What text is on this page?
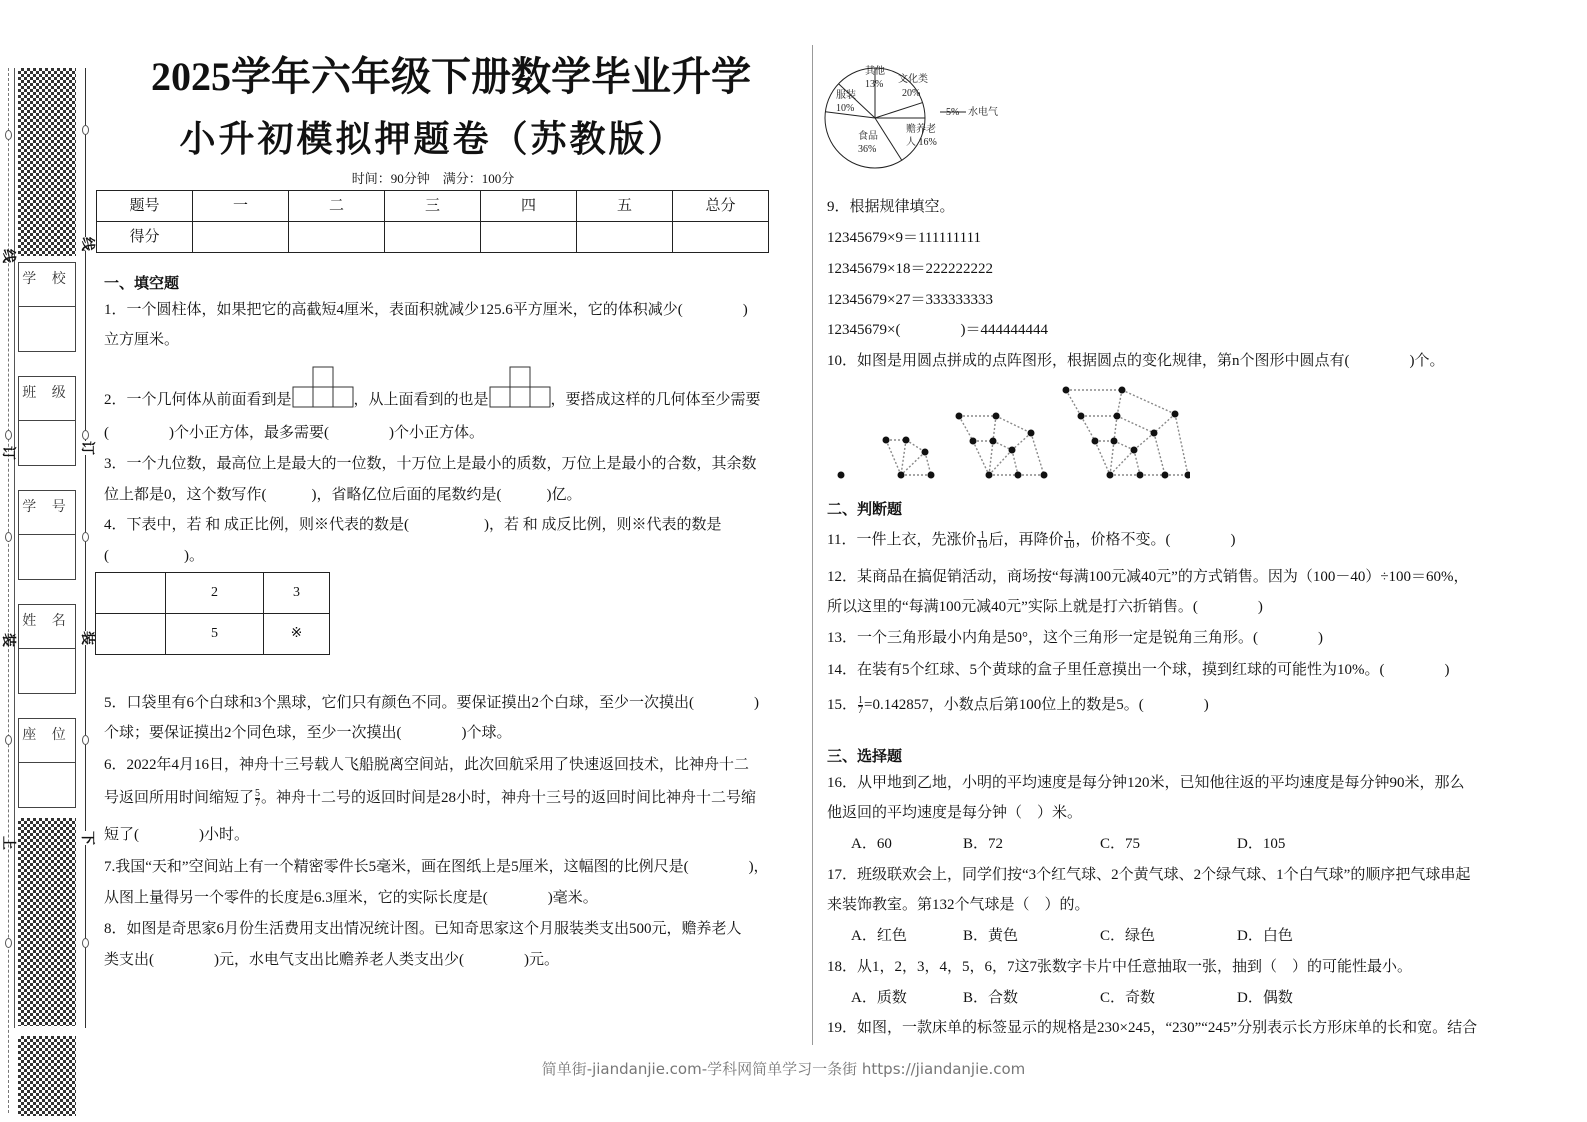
学 校
班 级
学 号
姓 名
座 位
线
线
订	订
装	装
上	下
2025学年六年级下册数学毕业升学
小升初模拟押题卷（苏教版）
时间：90分钟　满分：100分
题号	一	二	三	四	五	总分
得分						
一、填空题
1．一个圆柱体，如果把它的高截短4厘米，表面积就减少125.6平方厘米，它的体积减少(　　　　)
立方厘米。
2．一个几何体从前面看到是	，从上面看到的也是	，要搭成这样的几何体至少需要
(　　　　)个小正方体，最多需要(　　　　)个小正方体。
3．一个九位数，最高位上是最大的一位数，十万位上是最小的质数，万位上是最小的合数，其余数
位上都是0，这个数写作(　　　)，省略亿位后面的尾数约是(　　　)亿。
4．下表中，若 和 成正比例，则※代表的数是(　　　　　)，若 和 成反比例，则※代表的数是
(　　　　　)。
	2	3
	5	※
5．口袋里有6个白球和3个黑球，它们只有颜色不同。要保证摸出2个白球，至少一次摸出(　　　　)
个球；要保证摸出2个同色球，至少一次摸出(　　　　)个球。
6．2022年4月16日，神舟十三号载人飞船脱离空间站，此次回航采用了快速返回技术，比神舟十二
号返回所用时间缩短了 $\frac{5}{7}$ 。神舟十二号的返回时间是28小时，神舟十三号的返回时间比神舟十二号缩
短了(　　　　)小时。
7.我国“天和”空间站上有一个精密零件长5毫米，画在图纸上是5厘米，这幅图的比例尺是(　　　　)，
从图上量得另一个零件的长度是6.3厘米，它的实际长度是(　　　　)毫米。
8．如图是奇思家6月份生活费用支出情况统计图。已知奇思家这个月服装类支出500元，赡养老人
类支出(　　　　)元，水电气支出比赡养老人类支出少(　　　　)元。
文化类
20%
其他
13%
服装
10%	5% 水电气
赡养老
人 16%
食品
36%
9．根据规律填空。
12345679×9＝111111111
12345679×18＝222222222
12345679×27＝333333333
12345679×(　　　　)＝444444444
10．如图是用圆点拼成的点阵图形，根据圆点的变化规律，第n个图形中圆点有(　　　　)个。
二、判断题
11．一件上衣，先涨价 $\frac{1}{10}$ 后，再降价 $\frac{1}{10}$ ，价格不变。(　　　　)
12．某商品在搞促销活动，商场按“每满100元减40元”的方式销售。因为（100－40）÷100＝60%，
所以这里的“每满100元减40元”实际上就是打六折销售。(　　　　)
13．一个三角形最小内角是50°，这个三角形一定是锐角三角形。(　　　　)
14．在装有5个红球、5个黄球的盒子里任意摸出一个球，摸到红球的可能性为10%。(　　　　)
15． $\frac{1}{7} =0.142857$，小数点后第100位上的数是5。(　　　　)
三、选择题
16．从甲地到乙地，小明的平均速度是每分钟120米，已知他往返的平均速度是每分钟90米，那么
他返回的平均速度是每分钟（　）米。
A．60	B．72	C．75	D．105
17．班级联欢会上，同学们按“3个红气球、2个黄气球、2个绿气球、1个白气球”的顺序把气球串起
来装饰教室。第132个气球是（　）的。
A．红色	B．黄色	C．绿色	D．白色
18．从1，2，3，4，5，6，7这7张数字卡片中任意抽取一张，抽到（　）的可能性最小。
A．质数	B．合数	C．奇数	D．偶数
19．如图，一款床单的标签显示的规格是230×245，“230”“245”分别表示长方形床单的长和宽。结合
简单街-jiandanjie.com-学科网简单学习一条街 https://jiandanjie.com
